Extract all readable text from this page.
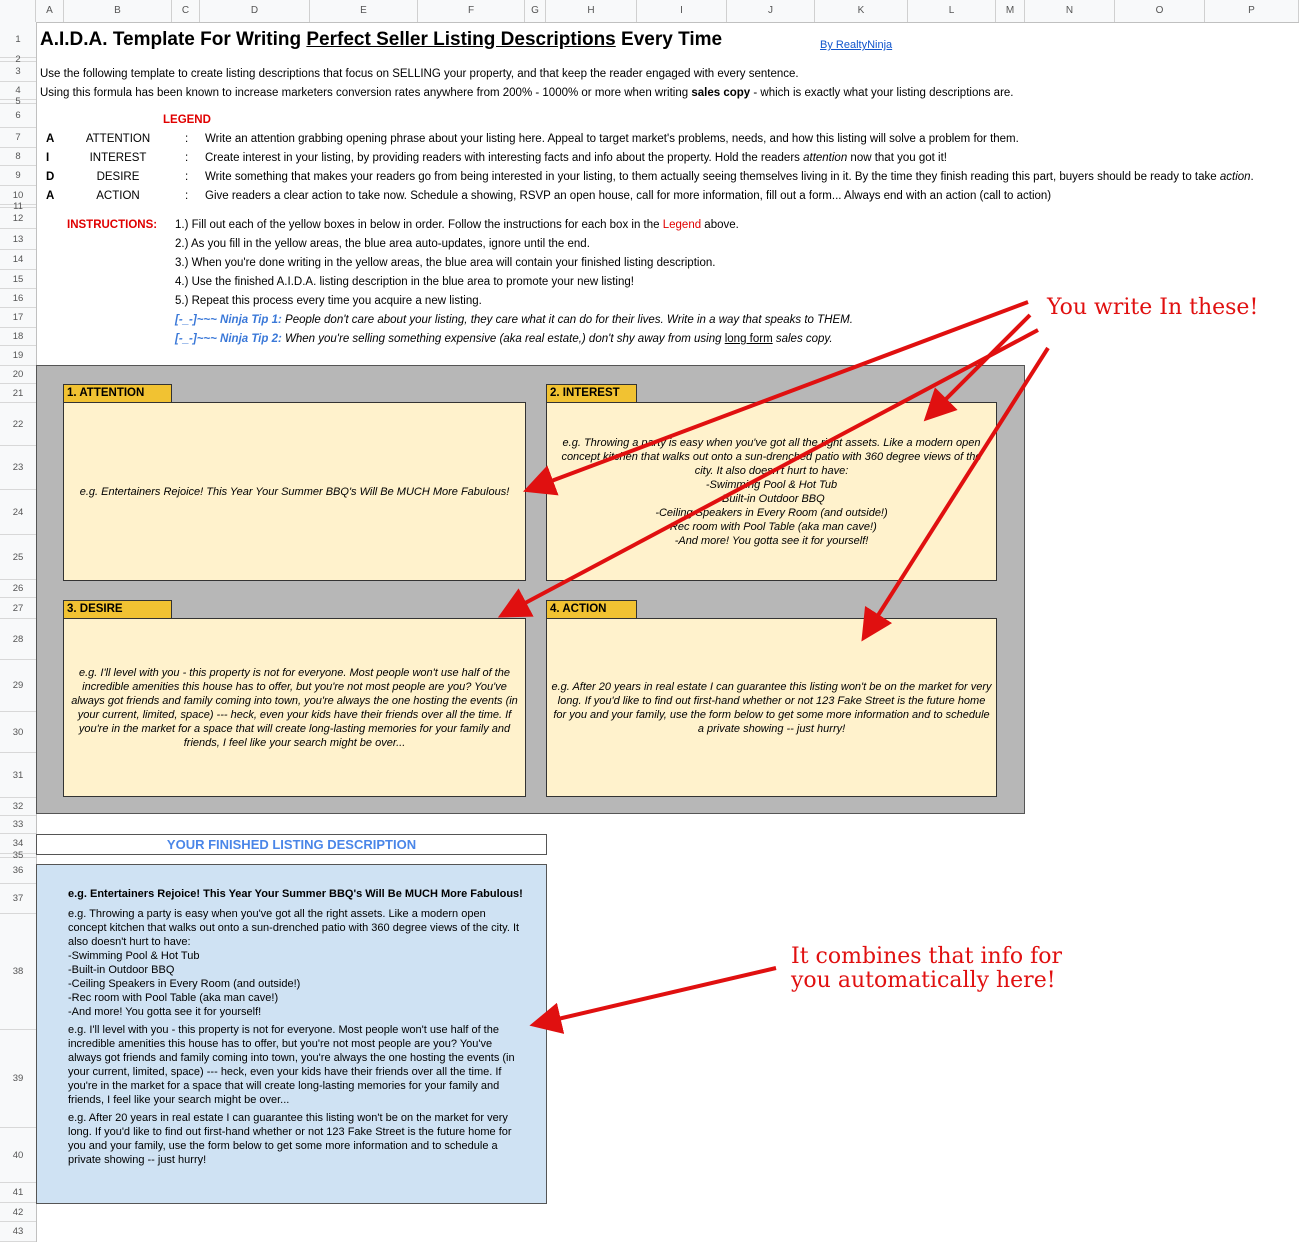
A	B	C	D	E	F	G	H	I	J	K	L	M	N	O	P
1
2
3
4
5
6
7
8
9
10
11
12
13
14
15
16
17
18
19
20
21
22
23
24
25
26
27
28
29
30
31
32
33
34
35
36
37
38
39
40
41
42
43
A.I.D.A. Template For Writing Perfect Seller Listing Descriptions Every Time	By RealtyNinja
Use the following template to create listing descriptions that focus on SELLING your property, and that keep the reader engaged with every sentence.
Using this formula has been known to increase marketers conversion rates anywhere from 200% - 1000% or more when writing sales copy - which is exactly what your listing descriptions are.
LEGEND
A	ATTENTION	: Write an attention grabbing opening phrase about your listing here. Appeal to target market's problems, needs, and how this listing will solve a problem for them.
I	INTEREST	: Create interest in your listing, by providing readers with interesting facts and info about the property. Hold the readers attention now that you got it!
D	DESIRE	: Write something that makes your readers go from being interested in your listing, to them actually seeing themselves living in it. By the time they finish reading this part, buyers should be ready to take action.
A	ACTION	: Give readers a clear action to take now. Schedule a showing, RSVP an open house, call for more information, fill out a form... Always end with an action (call to action)
INSTRUCTIONS: 1.) Fill out each of the yellow boxes in below in order. Follow the instructions for each box in the Legend above.
2.) As you fill in the yellow areas, the blue area auto-updates, ignore until the end.
3.) When you're done writing in the yellow areas, the blue area will contain your finished listing description.
4.) Use the finished A.I.D.A. listing description in the blue area to promote your new listing!
5.) Repeat this process every time you acquire a new listing.
[-_-]~~~ Ninja Tip 1: People don't care about your listing, they care what it can do for their lives. Write in a way that speaks to THEM.
[-_-]~~~ Ninja Tip 2: When you're selling something expensive (aka real estate,) don't shy away from using long form sales copy.
1. ATTENTION
e.g. Entertainers Rejoice! This Year Your Summer BBQ's Will Be MUCH More Fabulous!
2. INTEREST
e.g. Throwing a party is easy when you've got all the right assets. Like a modern open concept kitchen that walks out onto a sun-drenched patio with 360 degree views of the city. It also doesn't hurt to have:
-Swimming Pool & Hot Tub
-Built-in Outdoor BBQ
-Ceiling Speakers in Every Room (and outside!)
-Rec room with Pool Table (aka man cave!)
-And more! You gotta see it for yourself!
3. DESIRE
e.g. I'll level with you - this property is not for everyone. Most people won't use half of the incredible amenities this house has to offer, but you're not most people are you? You've always got friends and family coming into town, you're always the one hosting the events (in your current, limited, space) --- heck, even your kids have their friends over all the time. If you're in the market for a space that will create long-lasting memories for your family and friends, I feel like your search might be over...
4. ACTION
e.g. After 20 years in real estate I can guarantee this listing won't be on the market for very long. If you'd like to find out first-hand whether or not 123 Fake Street is the future home for you and your family, use the form below to get some more information and to schedule a private showing -- just hurry!
YOUR FINISHED LISTING DESCRIPTION

e.g. Entertainers Rejoice! This Year Your Summer BBQ's Will Be MUCH More Fabulous!

e.g. Throwing a party is easy when you've got all the right assets. Like a modern open concept kitchen that walks out onto a sun-drenched patio with 360 degree views of the city. It also doesn't hurt to have:
-Swimming Pool & Hot Tub
-Built-in Outdoor BBQ
-Ceiling Speakers in Every Room (and outside!)
-Rec room with Pool Table (aka man cave!)
-And more! You gotta see it for yourself!

e.g. I'll level with you - this property is not for everyone. Most people won't use half of the incredible amenities this house has to offer, but you're not most people are you? You've always got friends and family coming into town, you're always the one hosting the events (in your current, limited, space) --- heck, even your kids have their friends over all the time. If you're in the market for a space that will create long-lasting memories for your family and friends, I feel like your search might be over...

e.g. After 20 years in real estate I can guarantee this listing won't be on the market for very long. If you'd like to find out first-hand whether or not 123 Fake Street is the future home for you and your family, use the form below to get some more information and to schedule a private showing -- just hurry!

You write In these!
It combines that info for
you automatically here!
